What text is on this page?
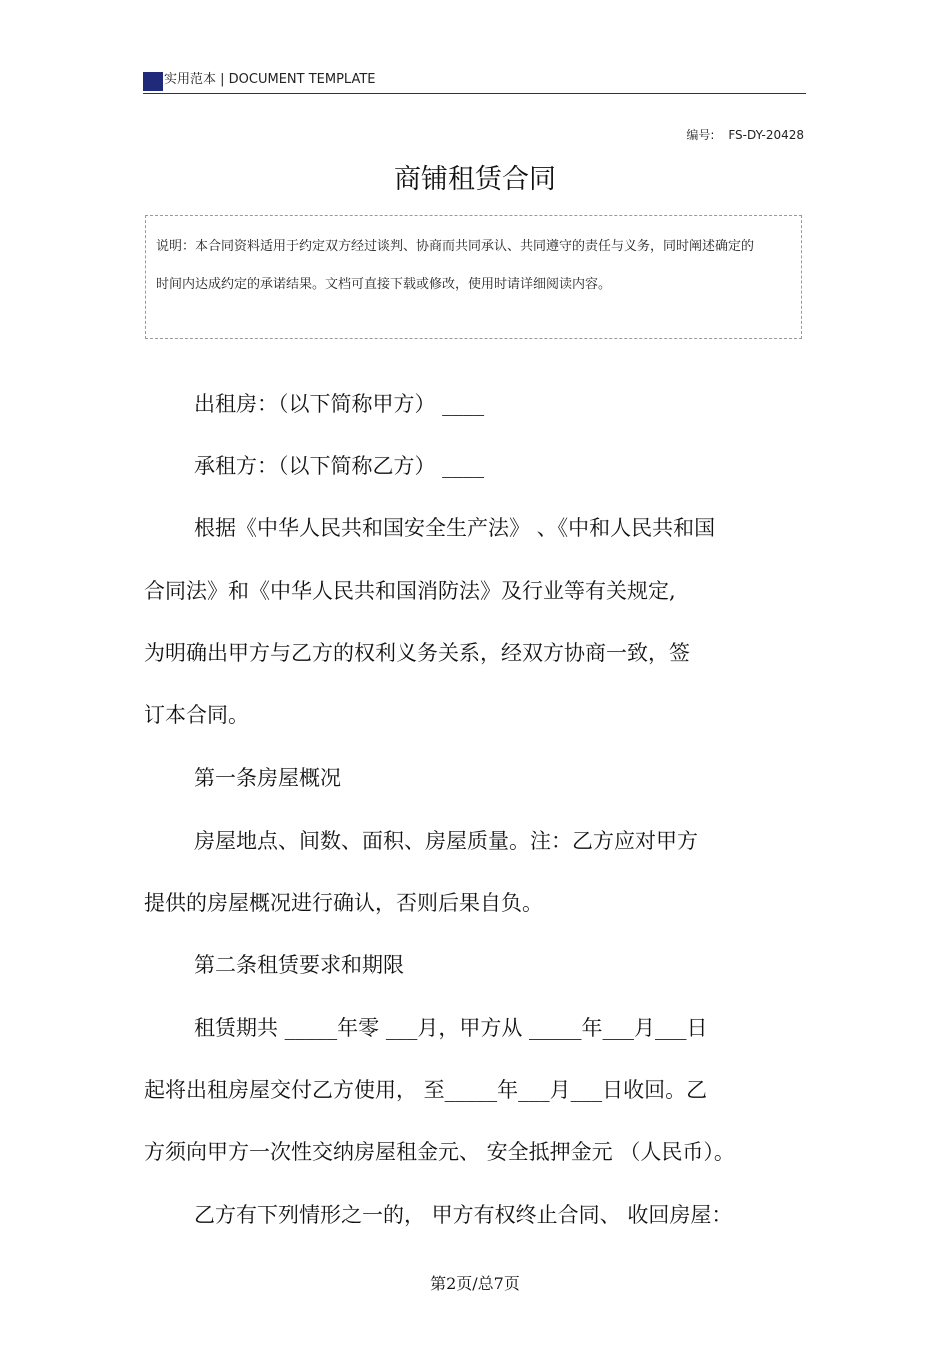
实用范本 | DOCUMENT TEMPLATE
编号: FS-DY-20428
商铺租赁合同
说明：本合同资料适用于约定双方经过谈判、协商而共同承认、共同遵守的责任与义务，同时阐述确定的时间内达成约定的承诺结果。文档可直接下载或修改，使用时请详细阅读内容。
出租房：（以下简称甲方） ____
承租方：（以下简称乙方） ____
根据《中华人民共和国安全生产法》 、《中和人民共和国
合同法》和《中华人民共和国消防法》及行业等有关规定,
为明确出甲方与乙方的权利义务关系，经双方协商一致，签
订本合同。
第一条房屋概况
房屋地点、间数、面积、房屋质量。注：乙方应对甲方
提供的房屋概况进行确认，否则后果自负。
第二条租赁要求和期限
租赁期共 _____年零 ___月，甲方从 _____年___月___日
起将出租房屋交付乙方使用， 至_____年___月___日收回。乙
方须向甲方一次性交纳房屋租金元、 安全抵押金元 （人民币）。
乙方有下列情形之一的， 甲方有权终止合同、 收回房屋：
第2页/总7页
